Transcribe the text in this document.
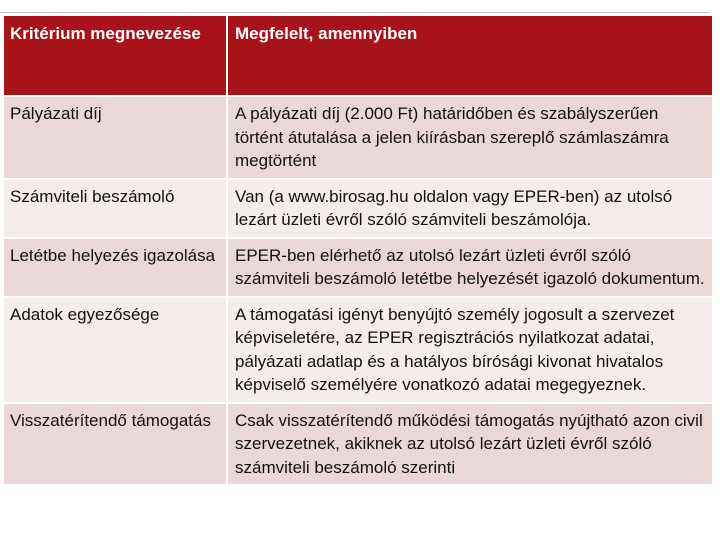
Kritérium megnevezése	Megfelelt, amennyiben
Pályázati díj	A pályázati díj (2.000 Ft) határidőben és szabályszerűen történt átutalása a jelen kiírásban szereplő számlaszámra megtörtént
Számviteli beszámoló	Van (a www.birosag.hu oldalon vagy EPER-ben) az utolsó lezárt üzleti évről szóló számviteli beszámolója.
Letétbe helyezés igazolása	EPER-ben elérhető az utolsó lezárt üzleti évről szóló számviteli beszámoló letétbe helyezését igazoló dokumentum.
Adatok egyezősége	A támogatási igényt benyújtó személy jogosult a szervezet képviseletére, az EPER regisztrációs nyilatkozat adatai, pályázati adatlap és a hatályos bírósági kivonat hivatalos képviselő személyére vonatkozó adatai megegyeznek.
Visszatérítendő támogatás	Csak visszatérítendő működési támogatás nyújtható azon civil szervezetnek, akiknek az utolsó lezárt üzleti évről szóló számviteli beszámoló szerinti
